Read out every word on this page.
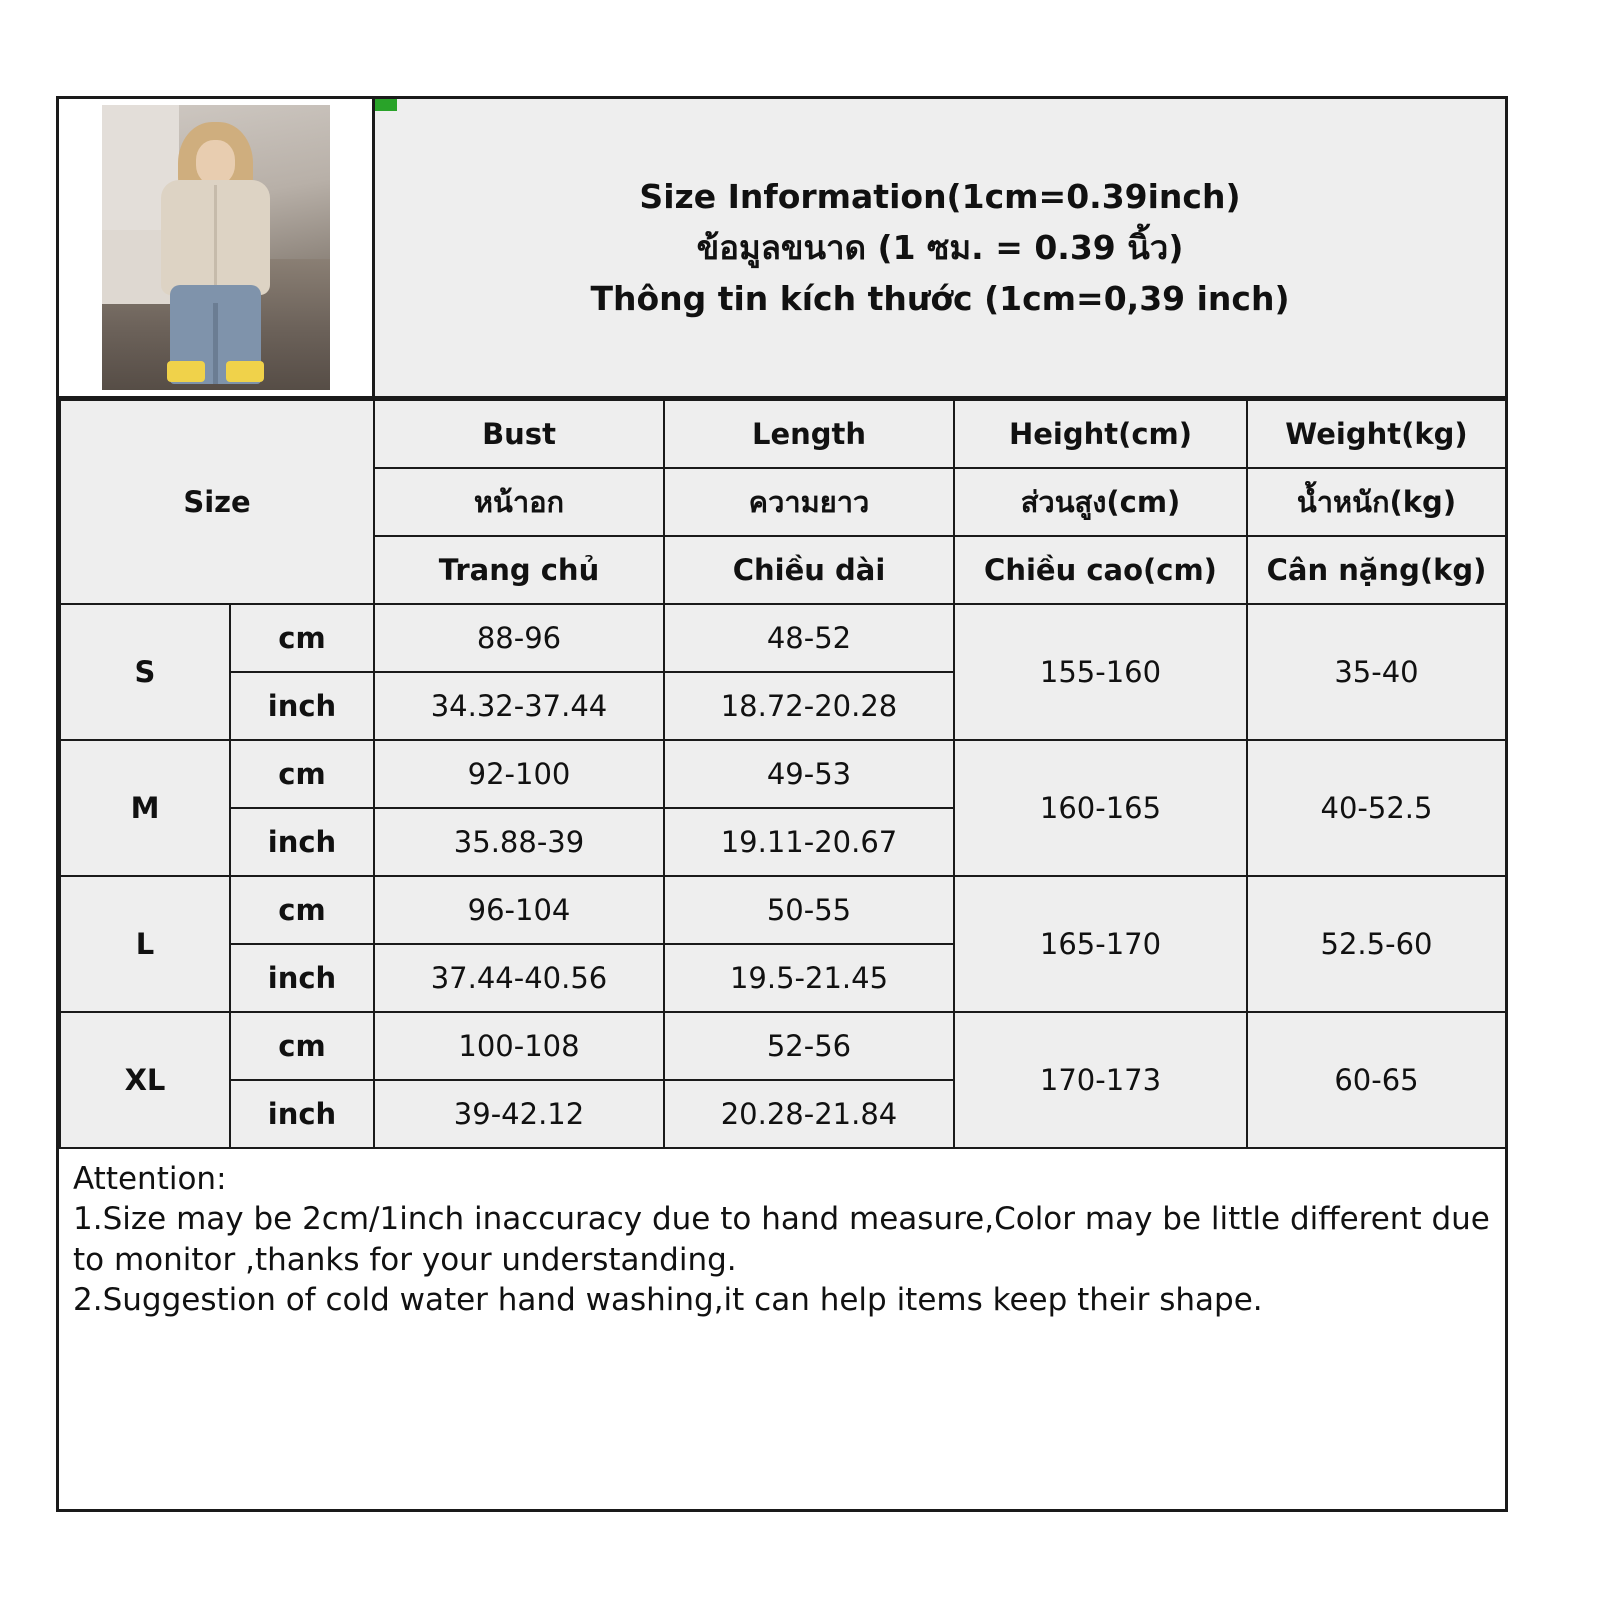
Size Information(1cm=0.39inch)
ข้อมูลขนาด (1 ซม. = 0.39 นิ้ว)
Thông tin kích thước (1cm=0,39 inch)
Size		Bust	Length	Height(cm)	Weight(kg)
		หน้าอก	ความยาว	ส่วนสูง(cm)	น้ำหนัก(kg)
		Trang chủ	Chiều dài	Chiều cao(cm)	Cân nặng(kg)
S	cm	88-96	48-52	155-160	35-40
	inch	34.32-37.44	18.72-20.28		
M	cm	92-100	49-53	160-165	40-52.5
	inch	35.88-39	19.11-20.67		
L	cm	96-104	50-55	165-170	52.5-60
	inch	37.44-40.56	19.5-21.45		
XL	cm	100-108	52-56	170-173	60-65
	inch	39-42.12	20.28-21.84		

Attention:

1.Size may be 2cm/1inch inaccuracy due to hand measure,Color may be little different due

to monitor ,thanks for your understanding.

2.Suggestion of cold water hand washing,it can help items keep their shape.
